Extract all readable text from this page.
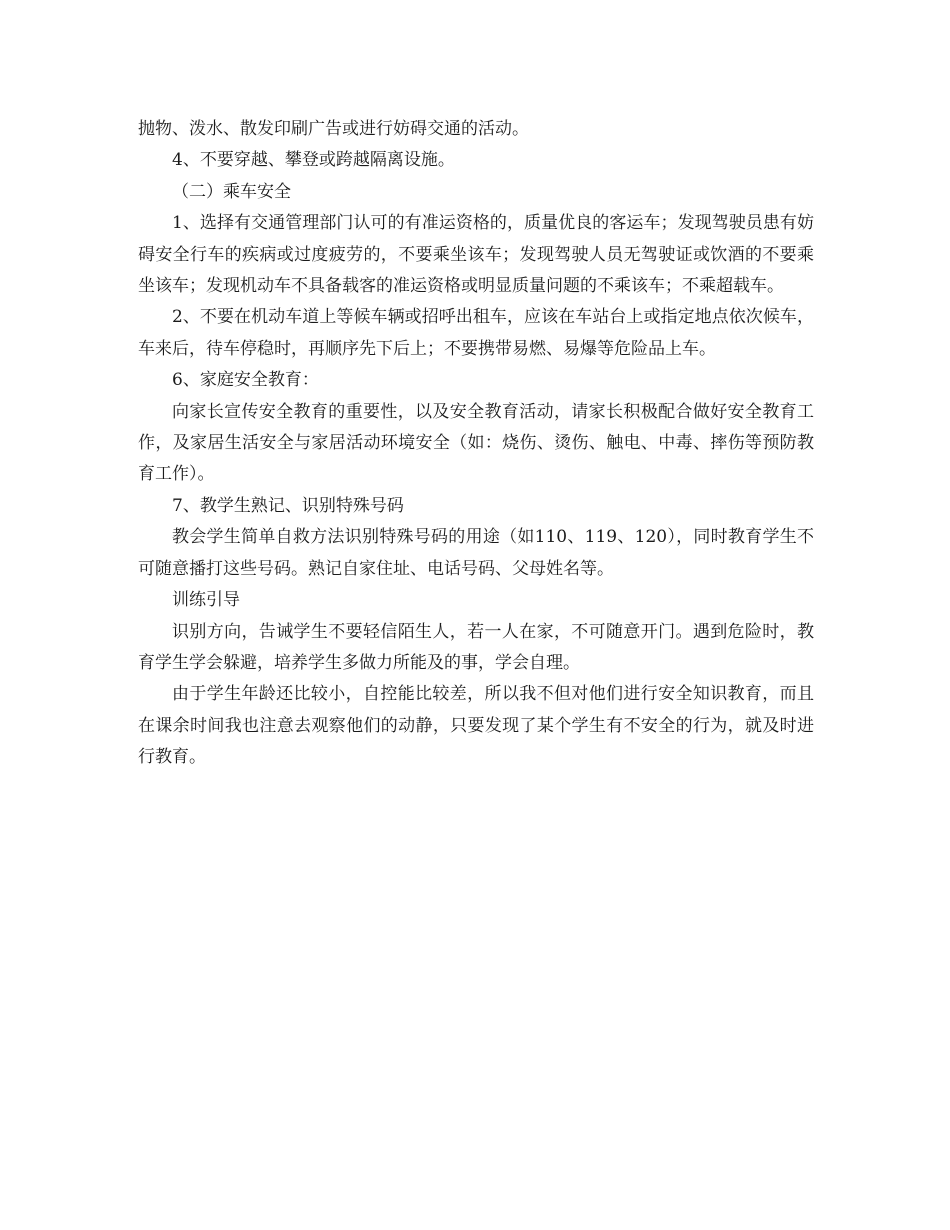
抛物、泼水、散发印刷广告或进行妨碍交通的活动。

4、不要穿越、攀登或跨越隔离设施。

（二）乘车安全

1、选择有交通管理部门认可的有准运资格的，质量优良的客运车；发现驾驶员患有妨碍安全行车的疾病或过度疲劳的，不要乘坐该车；发现驾驶人员无驾驶证或饮酒的不要乘坐该车；发现机动车不具备载客的准运资格或明显质量问题的不乘该车；不乘超载车。

2、不要在机动车道上等候车辆或招呼出租车，应该在车站台上或指定地点依次候车，车来后，待车停稳时，再顺序先下后上；不要携带易燃、易爆等危险品上车。

6、家庭安全教育：

向家长宣传安全教育的重要性，以及安全教育活动，请家长积极配合做好安全教育工作，及家居生活安全与家居活动环境安全（如：烧伤、烫伤、触电、中毒、摔伤等预防教育工作）。

7、教学生熟记、识别特殊号码

教会学生简单自救方法识别特殊号码的用途（如110、119、120），同时教育学生不可随意播打这些号码。熟记自家住址、电话号码、父母姓名等。

训练引导

识别方向，告诫学生不要轻信陌生人，若一人在家，不可随意开门。遇到危险时，教育学生学会躲避，培养学生多做力所能及的事，学会自理。

由于学生年龄还比较小，自控能比较差，所以我不但对他们进行安全知识教育，而且在课余时间我也注意去观察他们的动静，只要发现了某个学生有不安全的行为，就及时进行教育。
